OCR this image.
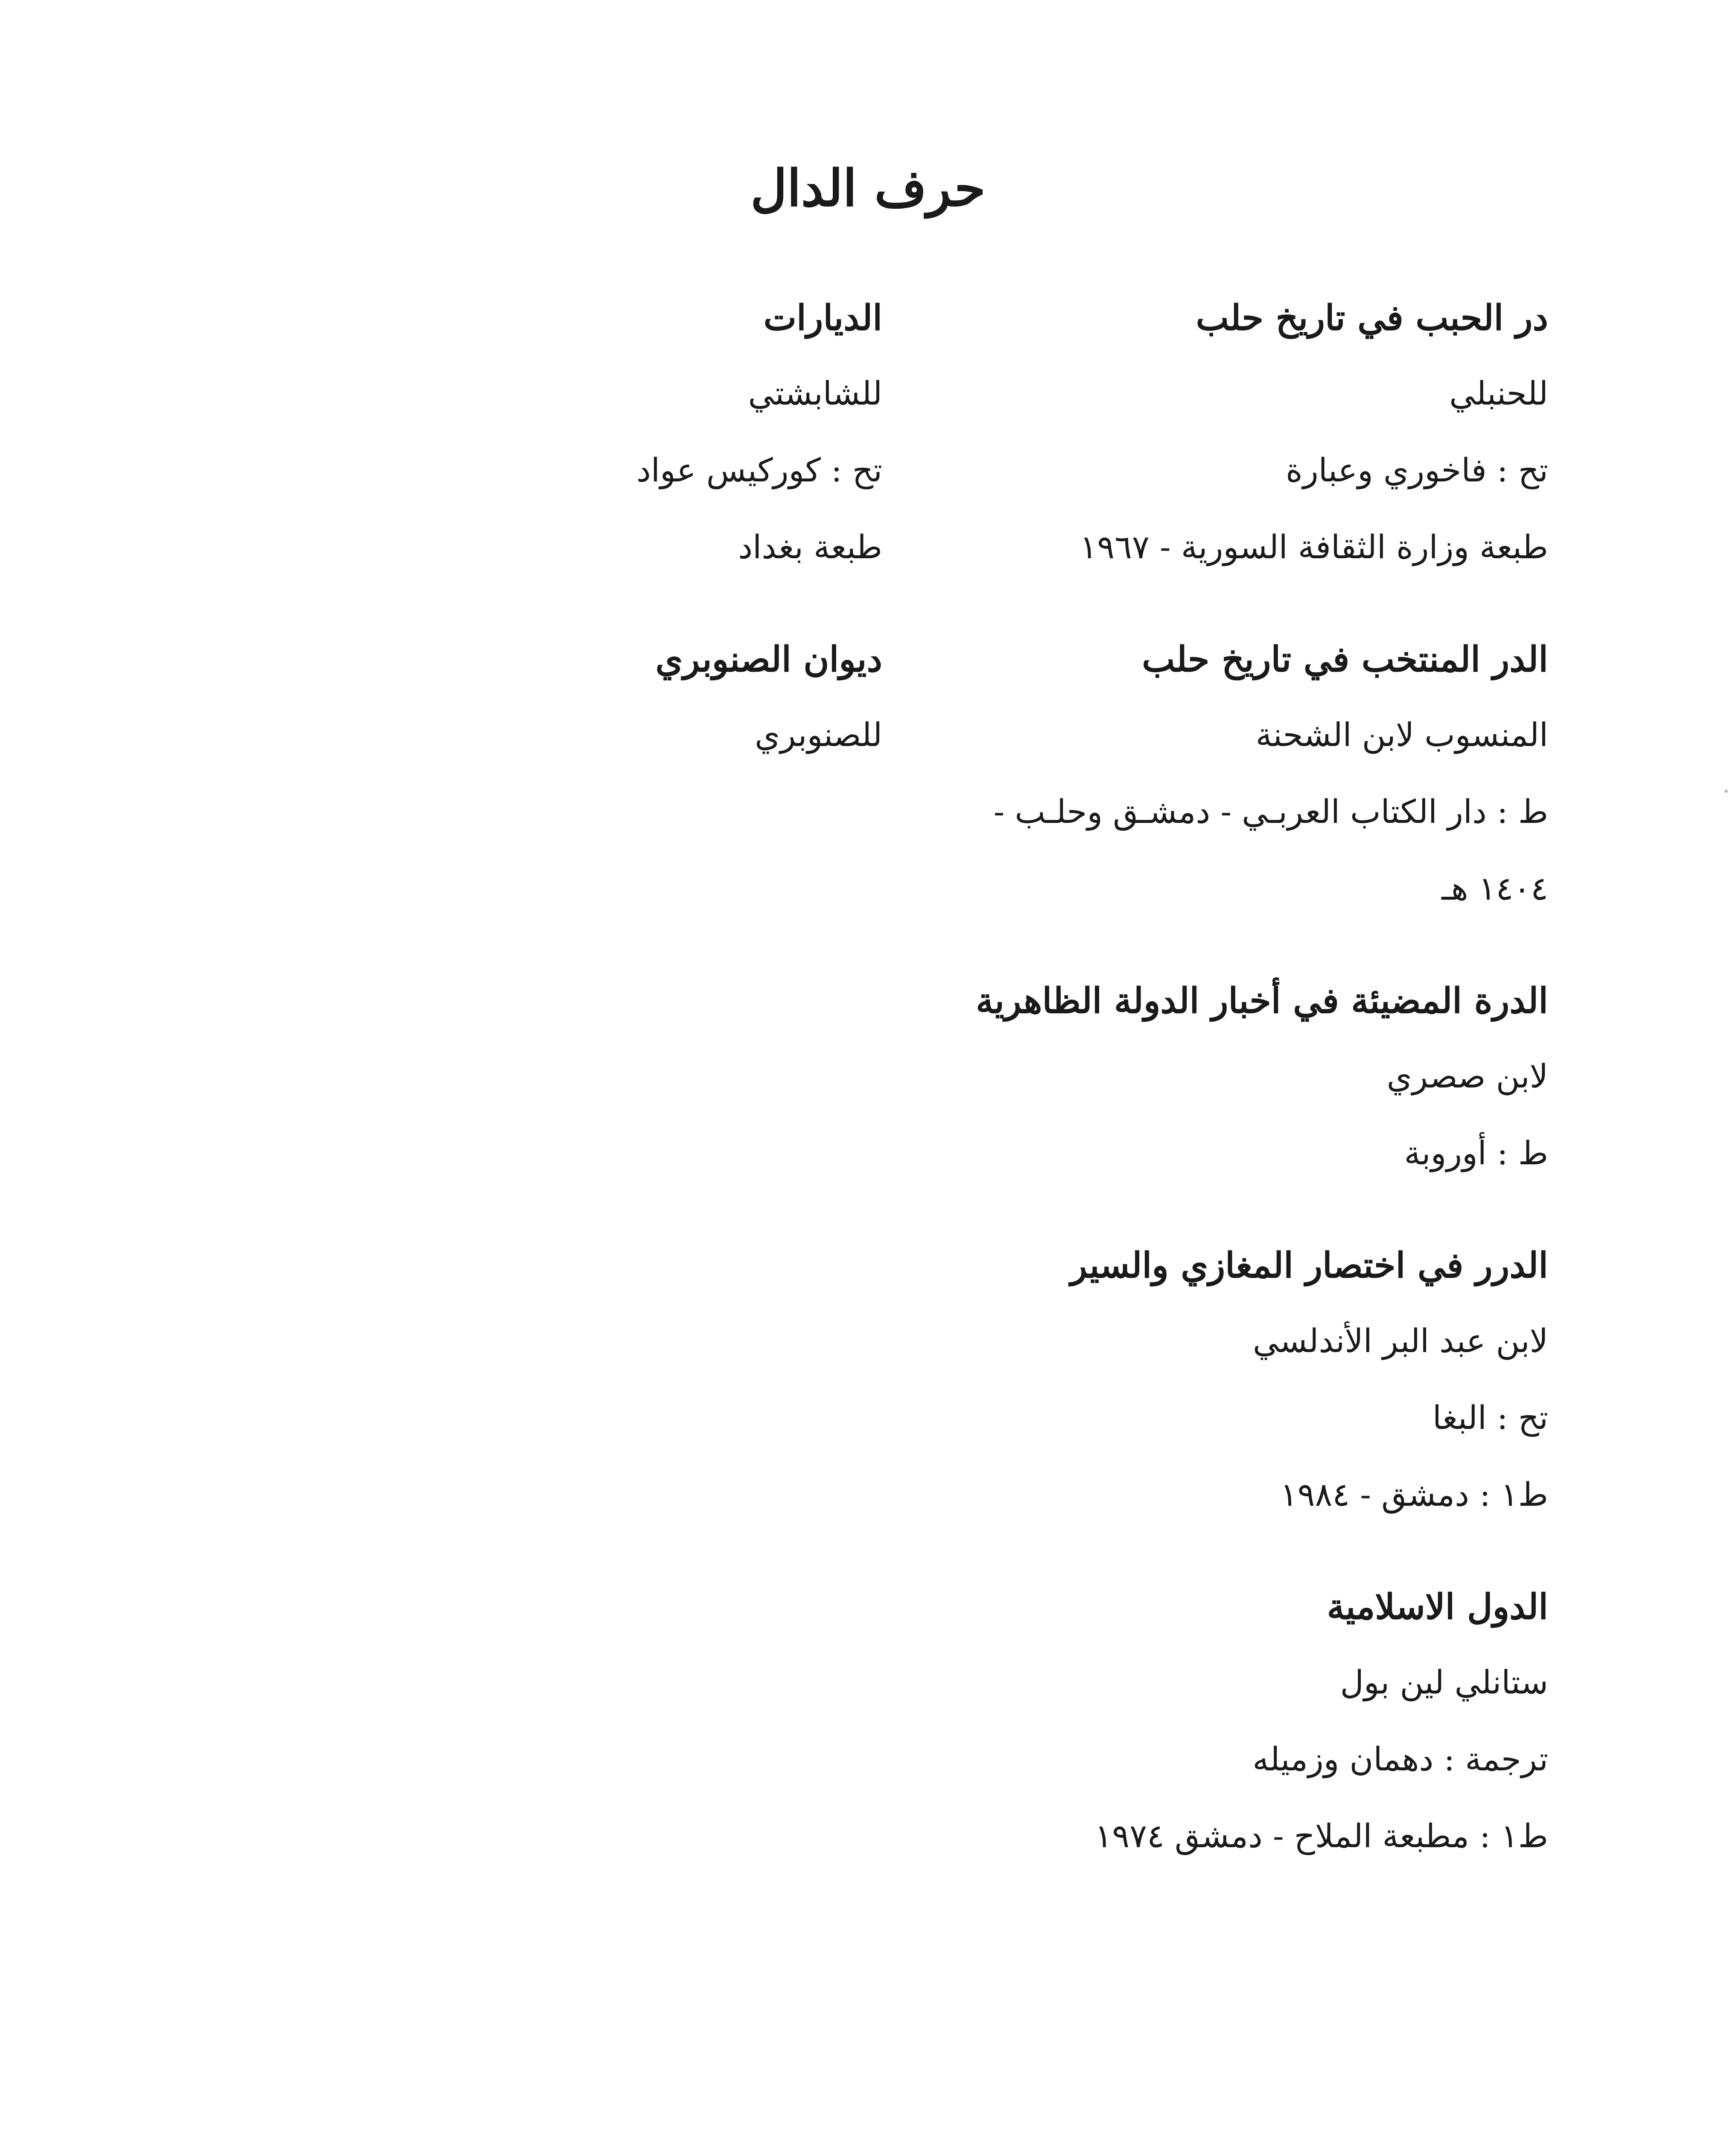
حرف الدال
در الحبب في تاريخ حلب
للحنبلي
تح : فاخوري وعبارة
طبعة وزارة الثقافة السورية - ١٩٦٧
الدر المنتخب في تاريخ حلب
المنسوب لابن الشحنة
ط : دار الكتاب العربـي - دمشـق وحلـب -
١٤٠٤ هـ
الدرة المضيئة في أخبار الدولة الظاهرية
لابن صصري
ط : أوروبة
الدرر في اختصار المغازي والسير
لابن عبد البر الأندلسي
تح : البغا
ط١ : دمشق - ١٩٨٤
الدول الاسلامية
ستانلي لين بول
ترجمة : دهمان وزميله
ط١ : مطبعة الملاح - دمشق ١٩٧٤
الديارات
للشابشتي
تح : كوركيس عواد
طبعة بغداد
ديوان الصنوبري
للصنوبري
